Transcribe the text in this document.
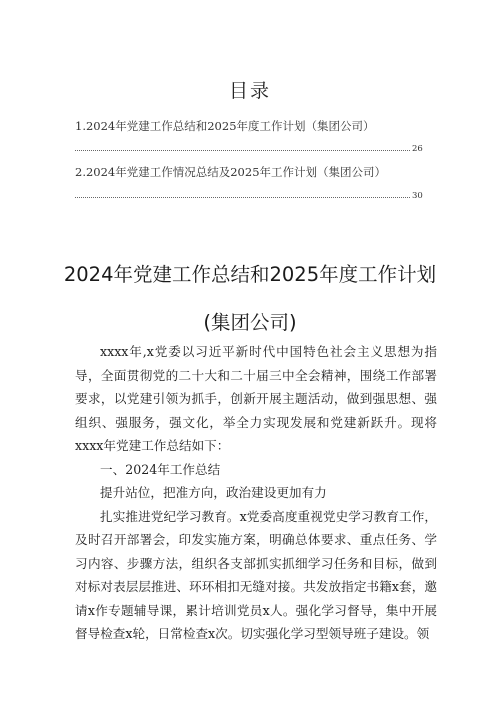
目录
1.2024年党建工作总结和2025年度工作计划（集团公司）
26
2.2024年党建工作情况总结及2025年工作计划（集团公司）
30
2024年党建工作总结和2025年度工作计划
(集团公司)

xxxx年,x党委以习近平新时代中国特色社会主义思想为指导，全面贯彻党的二十大和二十届三中全会精神，围绕工作部署要求，以党建引领为抓手，创新开展主题活动，做到强思想、强组织、强服务，强文化，举全力实现发展和党建新跃升。现将xxxx年党建工作总结如下：

一、2024年工作总结

提升站位，把准方向，政治建设更加有力

扎实推进党纪学习教育。x党委高度重视党史学习教育工作，及时召开部署会，印发实施方案，明确总体要求、重点任务、学习内容、步骤方法，组织各支部抓实抓细学习任务和目标，做到对标对表层层推进、环环相扣无缝对接。共发放指定书籍x套，邀请x作专题辅导课，累计培训党员x人。强化学习督导，集中开展督导检查x轮，日常检查x次。切实强化学习型领导班子建设。领
